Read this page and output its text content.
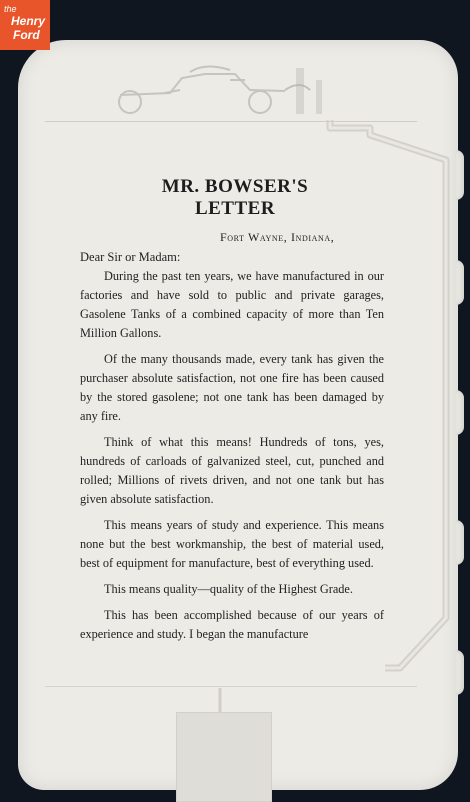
the
Henry
Ford
MR. BOWSER'S
LETTER
Fort Wayne, Indiana,
Dear Sir or Madam:

During the past ten years, we have manufactured in our factories and have sold to public and private garages, Gasolene Tanks of a combined capacity of more than Ten Million Gallons.

Of the many thousands made, every tank has given the purchaser absolute satisfaction, not one fire has been caused by the stored gasolene; not one tank has been damaged by any fire.

Think of what this means! Hundreds of tons, yes, hundreds of carloads of galvanized steel, cut, punched and rolled; Millions of rivets driven, and not one tank but has given absolute satisfaction.

This means years of study and experience. This means none but the best workmanship, the best of material used, best of equipment for manufacture, best of everything used.

This means quality—quality of the Highest Grade.

This has been accomplished because of our years of experience and study. I began the manufacture
